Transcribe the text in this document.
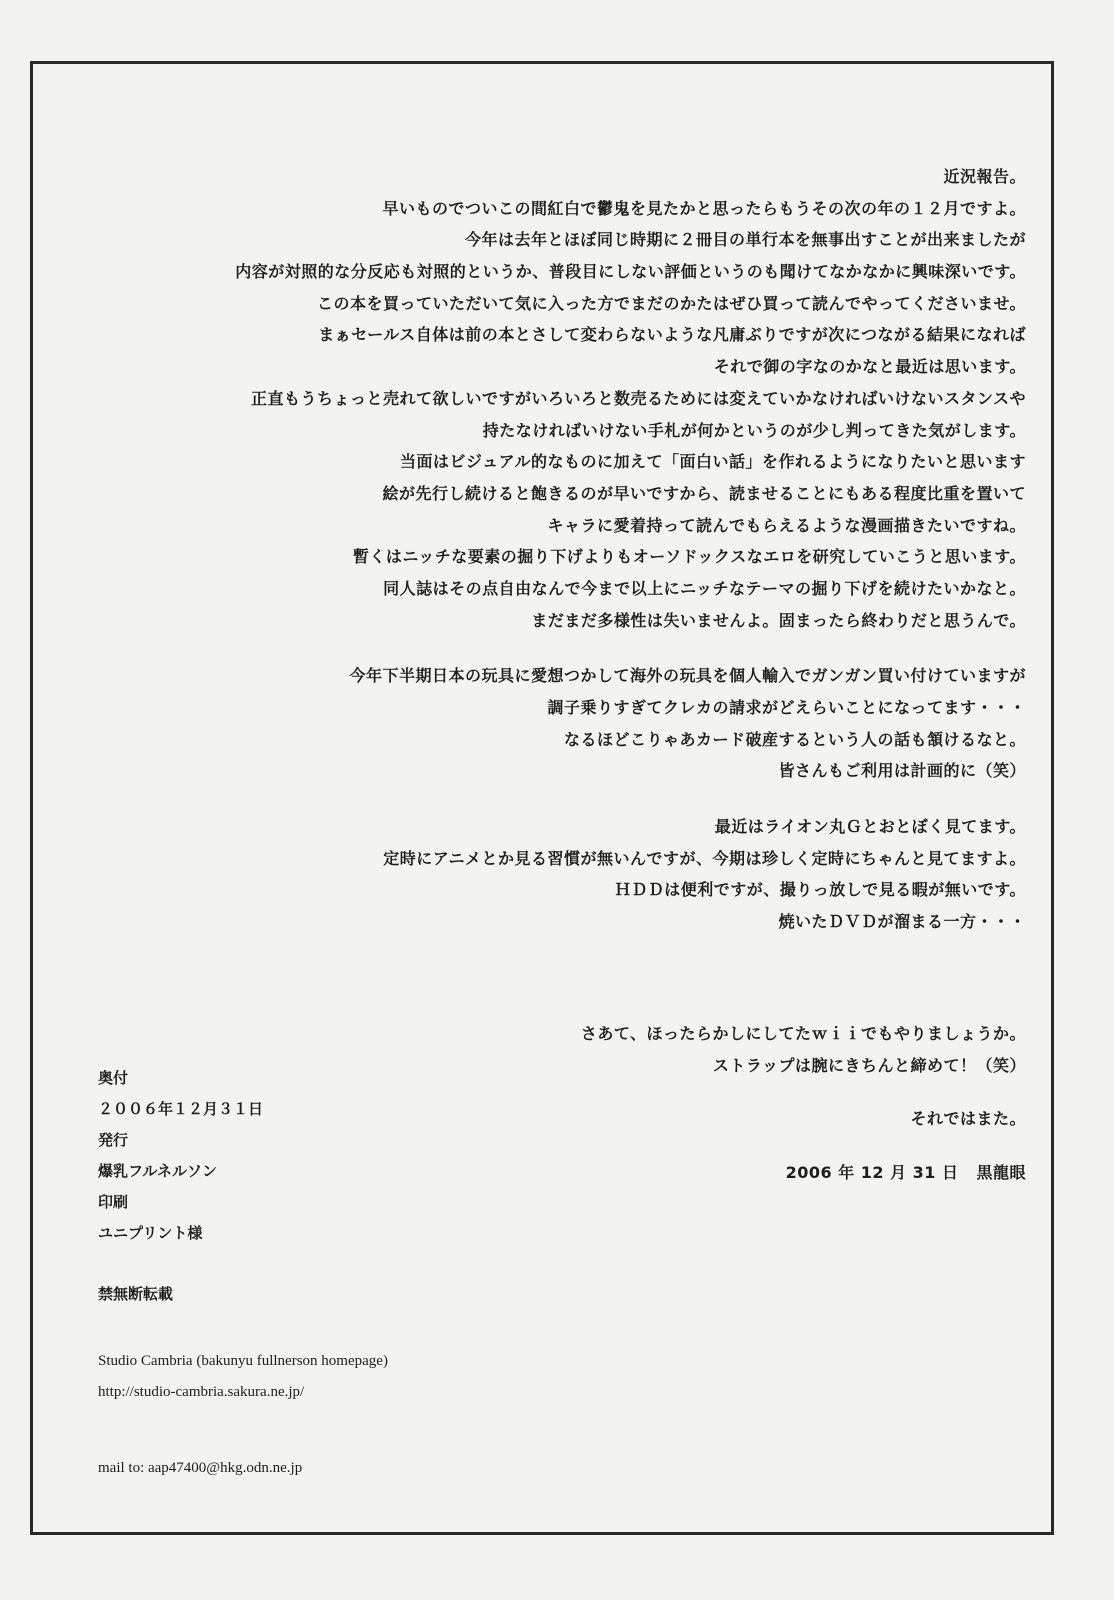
近況報告。
早いものでついこの間紅白で鬱鬼を見たかと思ったらもうその次の年の１２月ですよ。
今年は去年とほぼ同じ時期に２冊目の単行本を無事出すことが出来ましたが
内容が対照的な分反応も対照的というか、普段目にしない評価というのも聞けてなかなかに興味深いです。
この本を買っていただいて気に入った方でまだのかたはぜひ買って読んでやってくださいませ。
まぁセールス自体は前の本とさして変わらないような凡庸ぶりですが次につながる結果になれば
それで御の字なのかなと最近は思います。
正直もうちょっと売れて欲しいですがいろいろと数売るためには変えていかなければいけないスタンスや
持たなければいけない手札が何かというのが少し判ってきた気がします。
当面はビジュアル的なものに加えて「面白い話」を作れるようになりたいと思います
絵が先行し続けると飽きるのが早いですから、読ませることにもある程度比重を置いて
キャラに愛着持って読んでもらえるような漫画描きたいですね。
暫くはニッチな要素の掘り下げよりもオーソドックスなエロを研究していこうと思います。
同人誌はその点自由なんで今まで以上にニッチなテーマの掘り下げを続けたいかなと。
まだまだ多様性は失いませんよ。固まったら終わりだと思うんで。
今年下半期日本の玩具に愛想つかして海外の玩具を個人輸入でガンガン買い付けていますが
調子乗りすぎてクレカの請求がどえらいことになってます・・・
なるほどこりゃあカード破産するという人の話も頷けるなと。
皆さんもご利用は計画的に（笑）
最近はライオン丸Ｇとおとぼく見てます。
定時にアニメとか見る習慣が無いんですが、今期は珍しく定時にちゃんと見てますよ。
ＨＤＤは便利ですが、撮りっ放しで見る暇が無いです。
焼いたＤＶＤが溜まる一方・・・
さあて、ほったらかしにしてたｗｉｉでもやりましょうか。
ストラップは腕にきちんと締めて！（笑）
それではまた。
2006 年 12 月 31 日 黒龍眼
奥付
２００６年１２月３１日
発行
爆乳フルネルソン
印刷
ユニプリント様
禁無断転載
Studio Cambria (bakunyu fullnerson homepage)
http://studio-cambria.sakura.ne.jp/
mail to: aap47400@hkg.odn.ne.jp
